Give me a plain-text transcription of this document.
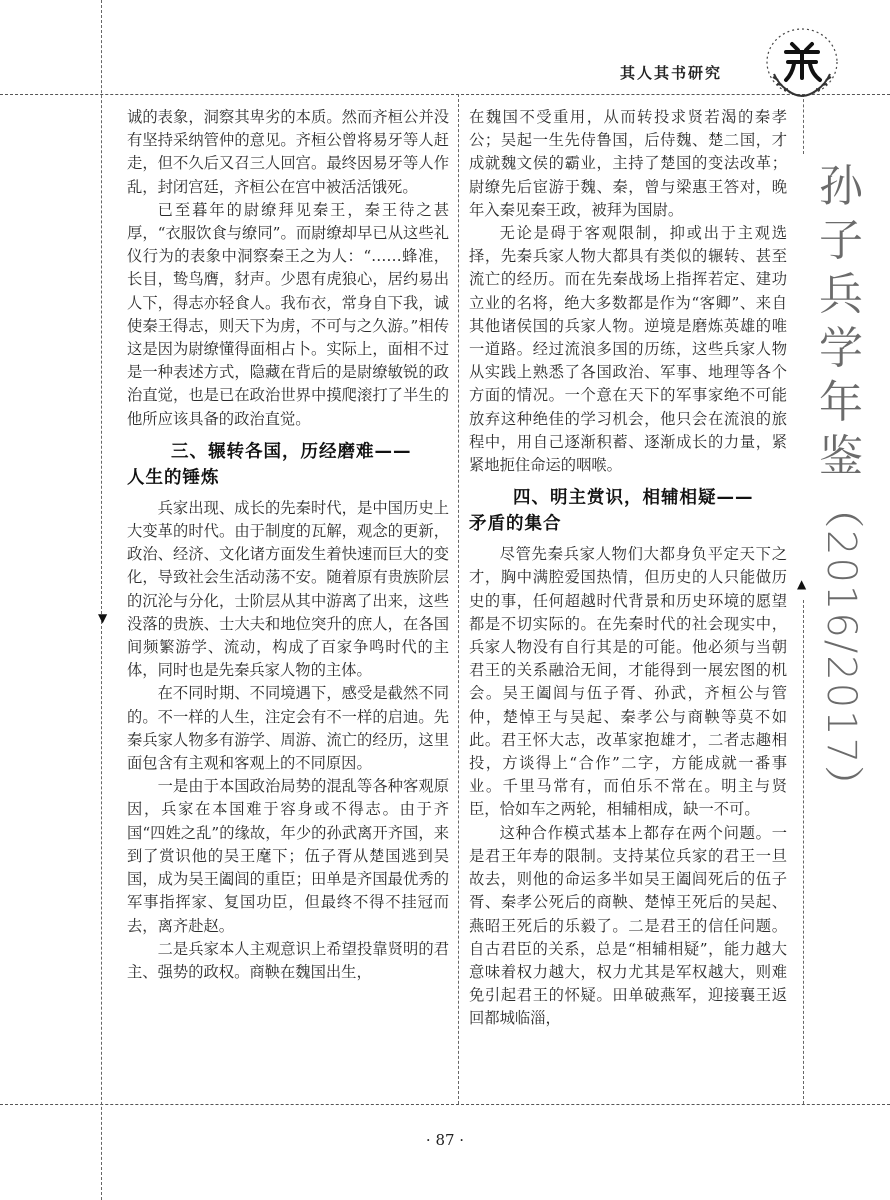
▼
▲
其人其书研究
孙
子
兵
学
年
鉴
（2016/2017）

诚的表象，洞察其卑劣的本质。然而齐桓公并没有坚持采纳管仲的意见。齐桓公曾将易牙等人赶走，但不久后又召三人回宫。最终因易牙等人作乱，封闭宫廷，齐桓公在宫中被活活饿死。

已至暮年的尉缭拜见秦王，秦王待之甚厚，“衣服饮食与缭同”。而尉缭却早已从这些礼仪行为的表象中洞察秦王之为人：“……蜂准，长目，鸷鸟膺，豺声。少恩有虎狼心，居约易出人下，得志亦轻食人。我布衣，常身自下我，诚使秦王得志，则天下为虏，不可与之久游。”相传这是因为尉缭懂得面相占卜。实际上，面相不过是一种表述方式，隐藏在背后的是尉缭敏锐的政治直觉，也是已在政治世界中摸爬滚打了半生的他所应该具备的政治直觉。

三、辗转各国，历经磨难——
人生的锤炼

兵家出现、成长的先秦时代，是中国历史上大变革的时代。由于制度的瓦解，观念的更新，政治、经济、文化诸方面发生着快速而巨大的变化，导致社会生活动荡不安。随着原有贵族阶层的沉沦与分化，士阶层从其中游离了出来，这些没落的贵族、士大夫和地位突升的庶人，在各国间频繁游学、流动，构成了百家争鸣时代的主体，同时也是先秦兵家人物的主体。

在不同时期、不同境遇下，感受是截然不同的。不一样的人生，注定会有不一样的启迪。先秦兵家人物多有游学、周游、流亡的经历，这里面包含有主观和客观上的不同原因。

一是由于本国政治局势的混乱等各种客观原因，兵家在本国难于容身或不得志。由于齐国“四姓之乱”的缘故，年少的孙武离开齐国，来到了赏识他的吴王麾下；伍子胥从楚国逃到吴国，成为吴王阖闾的重臣；田单是齐国最优秀的军事指挥家、复国功臣，但最终不得不挂冠而去，离齐赴赵。

二是兵家本人主观意识上希望投靠贤明的君主、强势的政权。商鞅在魏国出生，

在魏国不受重用，从而转投求贤若渴的秦孝公；吴起一生先侍鲁国，后侍魏、楚二国，才成就魏文侯的霸业，主持了楚国的变法改革；尉缭先后宦游于魏、秦，曾与梁惠王答对，晚年入秦见秦王政，被拜为国尉。

无论是碍于客观限制，抑或出于主观选择，先秦兵家人物大都具有类似的辗转、甚至流亡的经历。而在先秦战场上指挥若定、建功立业的名将，绝大多数都是作为“客卿”、来自其他诸侯国的兵家人物。逆境是磨炼英雄的唯一道路。经过流浪多国的历练，这些兵家人物从实践上熟悉了各国政治、军事、地理等各个方面的情况。一个意在天下的军事家绝不可能放弃这种绝佳的学习机会，他只会在流浪的旅程中，用自己逐渐积蓄、逐渐成长的力量，紧紧地扼住命运的咽喉。

四、明主赏识，相辅相疑——
矛盾的集合

尽管先秦兵家人物们大都身负平定天下之才，胸中满腔爱国热情，但历史的人只能做历史的事，任何超越时代背景和历史环境的愿望都是不切实际的。在先秦时代的社会现实中，兵家人物没有自行其是的可能。他必须与当朝君王的关系融洽无间，才能得到一展宏图的机会。吴王阖闾与伍子胥、孙武，齐桓公与管仲，楚悼王与吴起、秦孝公与商鞅等莫不如此。君王怀大志，改革家抱雄才，二者志趣相投，方谈得上“合作”二字，方能成就一番事业。千里马常有，而伯乐不常在。明主与贤臣，恰如车之两轮，相辅相成，缺一不可。

这种合作模式基本上都存在两个问题。一是君王年寿的限制。支持某位兵家的君王一旦故去，则他的命运多半如吴王阖闾死后的伍子胥、秦孝公死后的商鞅、楚悼王死后的吴起、燕昭王死后的乐毅了。二是君王的信任问题。自古君臣的关系，总是“相辅相疑”，能力越大意味着权力越大，权力尤其是军权越大，则难免引起君王的怀疑。田单破燕军，迎接襄王返回都城临淄，

· 87 ·
